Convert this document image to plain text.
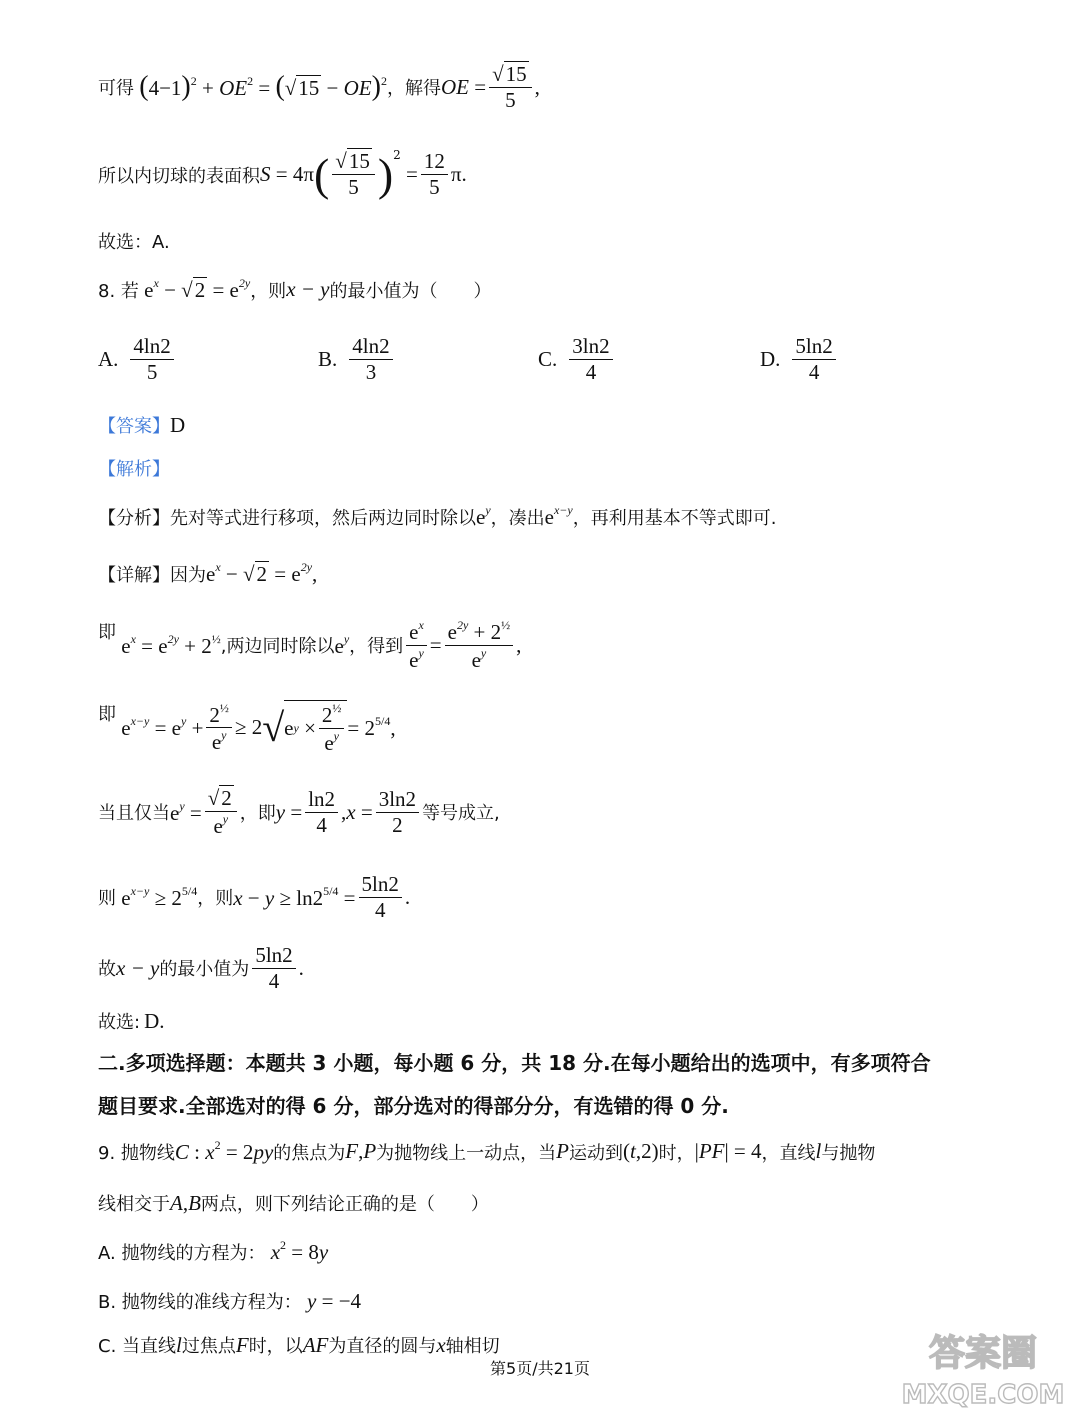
可得 $(4-1)^2 + OE^2 = (√15 - OE)^2$ ，解得 OE = $\frac{√15}{5}$ ,
所以内切球的表面积 S = 4π ( $\frac{√15}{5} )^2$
= $\frac{12}{5}$ π .
故选：A.
8. 若 $e^x - √2 = e^{2y}$ ，则 x − y 的最小值为（　　）
A. $\frac{4\ln 2}{5}$	B. $\frac{4\ln 2}{3}$	C. $\frac{3\ln 2}{4}$	D. $\frac{5\ln 2}{4}$
【答案】 D
【解析】
【分析】先对等式进行移项，然后两边同时除以 $e^y$ ，凑出 $e^{x-y}$ ，再利用基本不等式即可.
【详解】因为 $e^x - √2 = e^{2y}$,
即
$e^x = e^{2y} + 2^{\frac{1}{2}}$ ,两边同时除以 $e^y$ ，得到 $\frac{e^x}{e^y} = \frac{e^{2y} + 2^{\frac{1}{2}}}{e^y}$ ,
即
$e^{x-y} = e^y + \frac{2^{\frac{1}{2}}}{e^y} \ge 2$ √ e $y \times \frac{2^{\frac{1}{2}}}{e^y} = 2^{5/4}$,
当且仅当 $e^y = \frac{√2}{e^y}$ ，即 $y = \frac{\ln 2}{4} ,x = \frac{3\ln 2}{2}$ 等号成立,
则 $e^{x-y} \ge 2^{5/4}$ ，则 $x - y \ge \ln 2^{5/4} = \frac{5\ln 2}{4}$ .
故 x − y 的最小值为 $\frac{5\ln 2}{4}$ .
故选: D .
二.多项选择题：本题共 3 小题，每小题 6 分，共 18 分.在每小题给出的选项中，有多项符合
题目要求.全部选对的得 6 分，部分选对的得部分分，有选错的得 0 分.
9. 抛物线 C : $x^2 = 2py$ 的焦点为 F , P 为抛物线上一动点，当 P 运动到 (t,2) 时， |PF| = 4 ，直线 l 与抛物
线相交于 A , B 两点，则下列结论正确的是（　　）
A. 抛物线的方程为： $x^2 = 8y$
B. 抛物线的准线方程为： y = −4
C. 当直线 l 过焦点 F 时，以 AF 为直径的圆与 x 轴相切
第5页/共21页	答案圈
MXQE.COM
